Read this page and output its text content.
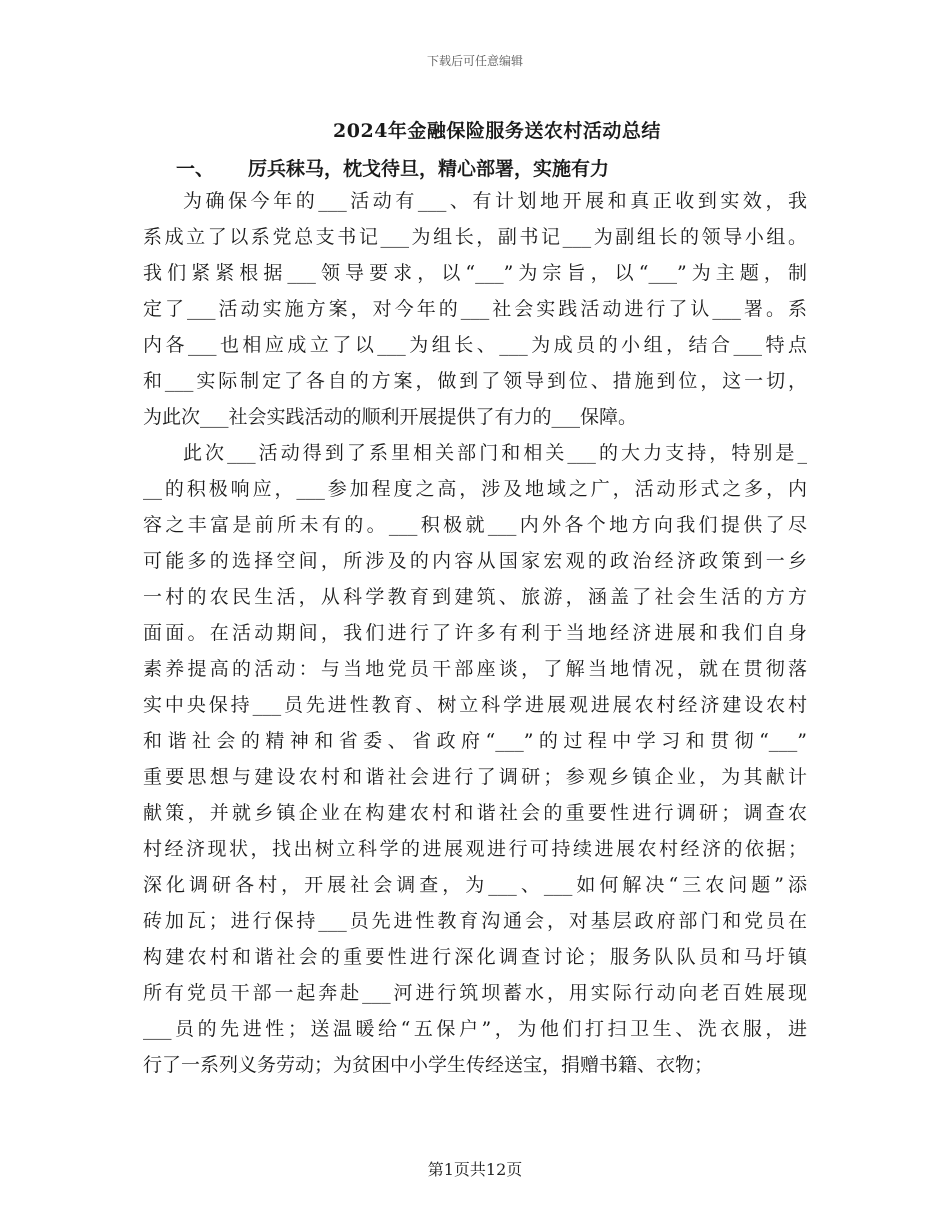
下载后可任意编辑
2024年金融保险服务送农村活动总结
一、 厉兵秣马，枕戈待旦，精心部署，实施有力
为确保今年的___活动有___、有计划地开展和真正收到实效，我
系成立了以系党总支书记___为组长，副书记___为副组长的领导小组。
我们紧紧根据___领导要求，以“___”为宗旨，以“___”为主题，制
定了___活动实施方案，对今年的___社会实践活动进行了认___署。系
内各___也相应成立了以___为组长、___为成员的小组，结合___特点
和___实际制定了各自的方案，做到了领导到位、措施到位，这一切，
为此次___社会实践活动的顺利开展提供了有力的___保障。
此次___活动得到了系里相关部门和相关___的大力支持，特别是_
__的积极响应，___参加程度之高，涉及地域之广，活动形式之多，内
容之丰富是前所未有的。___积极就___内外各个地方向我们提供了尽
可能多的选择空间，所涉及的内容从国家宏观的政治经济政策到一乡
一村的农民生活，从科学教育到建筑、旅游，涵盖了社会生活的方方
面面。在活动期间，我们进行了许多有利于当地经济进展和我们自身
素养提高的活动：与当地党员干部座谈，了解当地情况，就在贯彻落
实中央保持___员先进性教育、树立科学进展观进展农村经济建设农村
和谐社会的精神和省委、省政府“___”的过程中学习和贯彻“___”
重要思想与建设农村和谐社会进行了调研；参观乡镇企业，为其献计
献策，并就乡镇企业在构建农村和谐社会的重要性进行调研；调查农
村经济现状，找出树立科学的进展观进行可持续进展农村经济的依据；
深化调研各村，开展社会调查，为___、___如何解决“三农问题”添
砖加瓦；进行保持___员先进性教育沟通会，对基层政府部门和党员在
构建农村和谐社会的重要性进行深化调查讨论；服务队队员和马圩镇
所有党员干部一起奔赴___河进行筑坝蓄水，用实际行动向老百姓展现
___员的先进性；送温暖给“五保户”，为他们打扫卫生、洗衣服，进
行了一系列义务劳动；为贫困中小学生传经送宝，捐赠书籍、衣物；
第1页共12页
